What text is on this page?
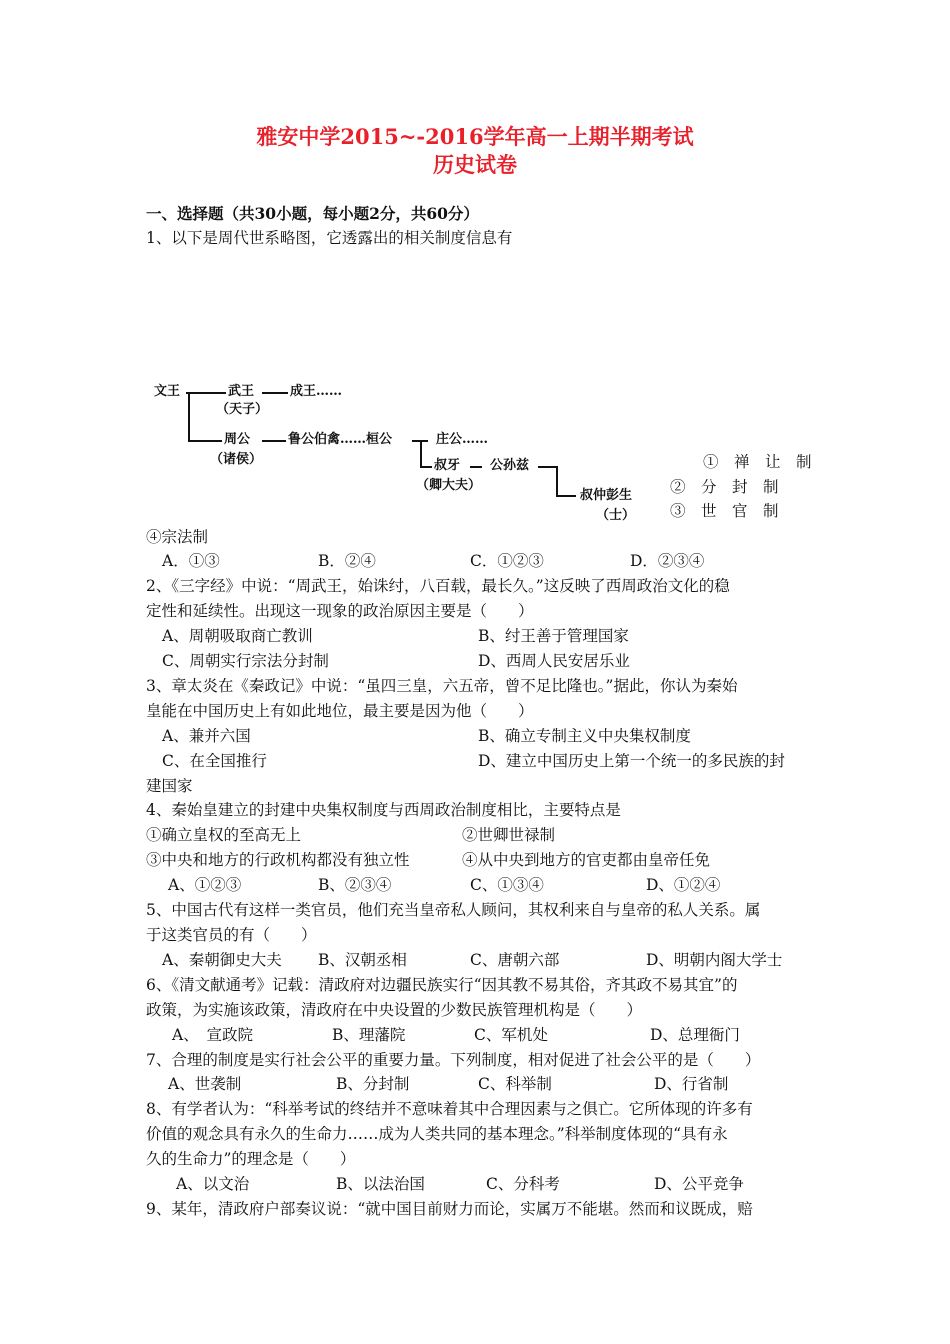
雅安中学2015~-2016学年高一上期半期考试
历史试卷
一、选择题（共30小题，每小题2分，共60分）
1、以下是周代世系略图，它透露出的相关制度信息有
文王	武王
（天子）
成王……
周公
（诸侯）
鲁公伯禽……桓公	庄公……
叔牙 公孙兹
（卿大夫）
叔仲彭生
（士）
①　禅　让　制
②　分　封　制
③　世　官　制
④宗法制
A．①③	B．②④	C．①②③	D．②③④
2、《三字经》中说：“周武王，始诛纣，八百载，最长久。”这反映了西周政治文化的稳
定性和延续性。出现这一现象的政治原因主要是（　　）
A、周朝吸取商亡教训	B、纣王善于管理国家
C、周朝实行宗法分封制	D、西周人民安居乐业
3、章太炎在《秦政记》中说：“虽四三皇，六五帝，曾不足比隆也。”据此，你认为秦始
皇能在中国历史上有如此地位，最主要是因为他（　　）
A、兼并六国	B、确立专制主义中央集权制度
C、在全国推行	D、建立中国历史上第一个统一的多民族的封
建国家
4、秦始皇建立的封建中央集权制度与西周政治制度相比，主要特点是
①确立皇权的至高无上	②世卿世禄制
③中央和地方的行政机构都没有独立性	④从中央到地方的官吏都由皇帝任免
A、①②③	B、②③④	C、①③④	D、①②④
5、中国古代有这样一类官员，他们充当皇帝私人顾问，其权利来自与皇帝的私人关系。属
于这类官员的有（　　）
A、秦朝御史大夫 B、汉朝丞相	C、唐朝六部	D、明朝内阁大学士
6、《清文献通考》记载：清政府对边疆民族实行“因其教不易其俗，齐其政不易其宜”的
政策，为实施该政策，清政府在中央设置的少数民族管理机构是（　　）
A、　宣政院	B、理藩院	C、军机处	D、总理衙门
7、合理的制度是实行社会公平的重要力量。下列制度，相对促进了社会公平的是（　　）
A、世袭制	B、分封制	C、科举制	D、行省制
8、有学者认为：“科举考试的终结并不意味着其中合理因素与之俱亡。它所体现的许多有
价值的观念具有永久的生命力……成为人类共同的基本理念。”科举制度体现的“具有永
久的生命力”的理念是（　　）
A、以文治	B、以法治国	C、分科考	D、公平竞争
9、某年，清政府户部奏议说：“就中国目前财力而论，实属万不能堪。然而和议既成，赔
